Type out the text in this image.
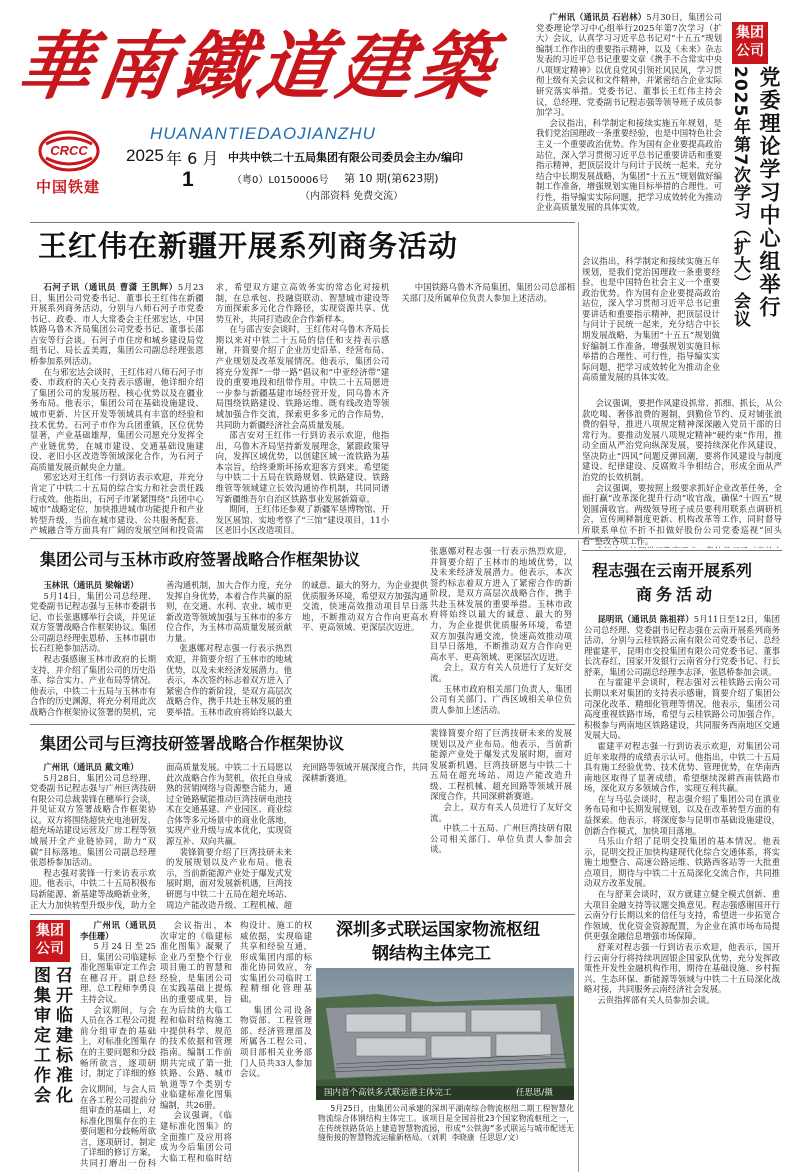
華南鐵道建築
HUANANTIEDAOJIANZHU
CRCC
中国铁建
2025 年 6 月
1
中共中铁二十五局集团有限公司委员会主办/编印
（粤0）L0150006号 第 10 期(第623期)
（内部资料 免费交流）

广州讯（通讯员 石岩林）5月30日，集团公司党委理论学习中心组举行2025年第7次学习（扩大）会议，认真学习习近平总书记对“十五五”规划编制工作作出的重要指示精神，以及《未来》杂志发表的习近平总书记重要文章《携手不合常实中央八项规定精神》以优良党风引领社风民风，学习贯彻上级有关会议和文件精神，并紧密结合企业实际研究落实举措。党委书记、董事长王红伟主持会议，总经理、党委副书记程志强等领导班子成员参加学习。

会议指出，科学制定和接续实施五年规划，是我们党治国理政一条重要经验，也是中国特色社会主义一个重要政治优势。作为国有企业要提高政治站位，深入学习贯彻习近平总书记重要讲话和重要指示精神，把顶层设计与问计于民统一起来，充分结合中长期发展战略，为集团“十五五”规划做好编制工作准备，增强规划实施目标举措的合理性、可行性，指导编实实际问题，把学习成效转化为推动企业高质量发展的具体实效。

集团公司
党委理论学习中心组举行
2025年第7次学习（扩大）会议

会议指出，科学制定和接续实施五年规划，是我们党治国理政一条重要经验，也是中国特色社会主义一个重要政治优势。作为国有企业要提高政治站位，深入学习贯彻习近平总书记重要讲话和重要指示精神，把顶层设计与问计于民统一起来，充分结合中长期发展战略，为集团“十五五”规划做好编制工作准备，增强规划实施目标举措的合理性、可行性，指导编实实际问题，把学习成效转化为推动企业高质量发展的具体实效。

会议强调，要把作风建设抓常、抓细、抓长，从公款吃喝、奢侈浪费的遏制，到勤俭节约、反对铺张浪费的倡导，推进八项规定精神深深融入党员干部的日常行为。要推动发展八项规定精神“硬约束”作用，推动全面从严治党向纵深发展，要持续深化作风建设，坚决防止“四风”问题反弹回潮，要将作风建设与制度建设、纪律建设、反腐败斗争相结合，形成全面从严治党的长效机制。

会议强调，要按照上级要求抓好企业改革任务，全面打赢“改革深化提升行动”收官战，确保“十四五”规划圆满收官。两级领导班子成员要利用联系点调研机会，宣传阐释制度更新、机构改革等工作，同时督导所联系单位不折不扣做好股份公司党委巡视“回头看”整改各项工作。

王红伟在新疆开展系列商务活动

石河子讯（通讯员 曹潇 王凯辉）5月23日，集团公司党委书记、董事长王红伟在新疆开展系列商务活动，分别与八师石河子市党委书记、政委、市人大常委会主任邪宏达，中国铁路乌鲁木齐局集团公司党委书记、董事长邵吉安等行会谈。石河子市住房和城乡建设局党组书记、局长孟美霞，集团公司副总经理张恩桥参加系列活动。

在与邪宏达会谈时，王红伟对八师石河子市委、市政府的关心支持表示感谢，他详细介绍了集团公司的发展历程、核心优势以及在疆业务布局。他表示，集团公司在基础设施建设、城市更新、片区开发等领域具有丰富的经验和技术优势。石河子市作为兵团重镇，区位优势显著，产业基础雄厚，集团公司愿充分发挥全产业链优势，在城市建设、交通基础设施建设、老旧小区改造等领域深化合作，为石河子高质量发展贡献央企力量。

邪宏达对王红伟一行到访表示欢迎，并充分肯定了中铁二十五局的综合实力和社会责任践行成效。他指出，石河子市紧紧围绕“兵团中心城市”战略定位，加快推进城市功能提升和产业转型升级，当前在城市建设、公共服务配套、产城融合等方面具有广阔的发展空间和投资需求，希望双方建立高效务实的常态化对接机制，在总承包、投融资联动、智慧城市建设等方面探索多元化合作路径，实现资源共享、优势互补，共同打造政企合作新样本。

在与邵吉安会谈时，王红伟对乌鲁木齐局长期以来对中铁二十五局的信任和支持表示感谢，并简要介绍了企业历史沿革、经营布局、产业规划及改革发展情况。他表示，集团公司将充分发挥“一带一路”倡议和“中亚经济带”建设的重要地段和纽带作用。中铁二十五局愿进一步参与新疆基建市场经营开发，同乌鲁木齐局围绕铁路建设、铁路运维、既有线改造等领域加强合作交流，探索更多多元的合作局势，共同助力新疆经济社会高质量发展。

邵吉安对王红伟一行到访表示欢迎，他指出，乌鲁木齐局坚持新发展理念，紧跟政策导向，发挥区域优势，以创建区域一流铁路为基本宗旨，给终秉斯坏扬欢迎客方到来。希望能与中铁二十五局在铁路规划、铁路建设、铁路维管等领域建立长效沟通协作机制，共同同谱写新疆维吾尔自治区铁路事业发展新篇章。

期间，王红伟还参观了新疆军垦博物馆、开发区展馆、实地考察了“三馆”建设项目，11小区老旧小区改造项目。

中国铁路乌鲁木齐局集团、集团公司总部相关部门及所属单位负责人参加上述活动。

集团公司与玉林市政府签署战略合作框架协议

玉林讯（通讯员 梁翰诺）

5月14日，集团公司总经理、党委副书记程志强与玉林市委副书记、市长张惠娜举行会谈，并见证双方签署战略合作框架协议。集团公司副总经理张恩桥、玉林市副市长石红艳参加活动。

程志强感谢玉林市政府的长期支持，并介绍了集团公司的历史沿革、综合实力、产业布局等情况。他表示，中铁二十五局与玉林市有合作的历史渊源，将充分利用此次战略合作框架协议签署的契机，完善沟通机制，加大合作力度，充分发挥自身优势，本着合作共赢的原则，在交通、水利、农业、城市更新改造等领域加强与玉林市的多方位合作，为玉林市高质量发展贡献力量。

张惠娜对程志强一行表示热烈欢迎，并简要介绍了玉林市的地域优势，以及未来经济发展潜力。他表示，本次签约标志着双方进入了紧密合作的新阶段，是双方高层次战略合作，携手共赴玉林发展的重要举措。玉林市政府将始终以最大的诚意、最大的努力，为企业提供优质服务环境，希望双方加强沟通交流，快速高效推动项目早日落地，不断推动双方合作向更高水平、更高领域、更深层次迈进。

张惠娜对程志强一行表示热烈欢迎，并简要介绍了玉林市的地域优势，以及未来经济发展潜力。他表示，本次签约标志着双方进入了紧密合作的新阶段，是双方高层次战略合作，携手共赴玉林发展的重要举措。玉林市政府将始终以最大的诚意、最大的努力，为企业提供优质服务环境，希望双方加强沟通交流，快速高效推动项目早日落地，不断推动双方合作向更高水平、更高领域、更深层次迈进。

会上，双方有关人员进行了友好交流。

玉林市政府相关部门负责人，集团公司有关部门、广西区域相关单位负责人参加上述活动。

集团公司与巨湾技研签署战略合作框架协议

广州讯（通讯员 戴文唯）

5月28日，集团公司总经理、党委副书记程志强与广州巨湾技研有限公司总裁裴锋在穗举行会谈，并见证双方签署战略合作框架协议。双方将围绕超快充电池研发、超充场站建设运营及厂房工程等领域展开全产业链协同，助力“双碳”目标落地。集团公司副总经理张恩桥参加活动。

程志强对裴锋一行来访表示欢迎。他表示，中铁二十五局积极布局新能源、新基建等战略新业务，正大力加快转型升级步伐，助力全面高质量发展。中铁二十五局愿以此次战略合作为契机，依托自身成熟的营销网络与资源整合能力，通过全链路赋能推动巨湾技研电池技术在交通基建、产业园区、商业综合体等多元场景中的商业化落地，实现产业升级与成本优化，实现资源互补、双向共赢。

裴锋简要介绍了巨湾技研未来的发展规划以及产业布局。他表示，当前新能源产业处于爆发式发展时期，面对发展新机遇，巨湾技研愿与中铁二十五局在超充场站、周边产能改造升级、工程机械、超充回路等领域开展深度合作，共同深耕新赛道。

裴锋简要介绍了巨湾技研未来的发展规划以及产业布局。他表示，当前新能源产业处于爆发式发展时期，面对发展新机遇，巨湾技研愿与中铁二十五局在超充场站、周边产能改造升级、工程机械、超充回路等领域开展深度合作，共同深耕新赛道。

会上，双方有关人员进行了友好交流。

中铁二十五局、广州巨湾技研有限公司相关部门、单位负责人参加会谈。

集团公司
召开临建标准化
图集审定工作会

广州讯（通讯员 李佳珊）

5月24日至25日，集团公司临建标准化图集审定工作会在穗召开。副总经理、总工程师李勇良主持会议。

会议期间，与会人员在各工程公司提前分组审查的基础上，对标准化图集存在的主要问题和分歧畅所欲言，逐项研讨，制定了详细的修

会议期间，与会人员在各工程公司提前分组审查的基础上，对标准化图集存在的主要问题和分歧畅所欲言，逐项研讨，制定了详细的修订方案，共同打磨出一份科

会议指出，本次审定的《临建标准化图集》凝聚了企业乃至整个行业项目施工的智慧和经验，是集团公司在实践基础上提炼出的重要成果，旨在为后续的大临工程和临时结构施工中提供科学、规范的技术依据和管理指南。编制工作前期共完成了第一批铁路、公路、城市轨道等7个类别专业临建标准化图集编制，共26册。

会议强调，《临建标准化图集》的全面推广及应用将成为今后集团公司大临工程和临时结构设计、施工的权威依据，实现临建共享和经验互通，形成集团内部的标准化协同效应，夯实集团公司临时工程精细化管理基础。

集团公司设备物资部、工程管理部、经济管理部及所属各工程公司、项目部相关业务部门人员共33人参加会议。

深圳多式联运国家物流枢纽
钢结构主体完工
国内首个高铁多式联运港主体完工	任思思/摄

5月25日，由集团公司承建的深圳平湖南综合物流枢纽二期工程智慧化物流综合体钢结构主体完工。该项目是全国首批23个国家物流枢纽之一，在传统铁路货站上建造智慧物流园，形成“公铁海”多式联运与城市配送无缝衔接的智慧物流运输新格局。（刘莉 李晓康 任思思/文）

程志强在云南开展系列
商务活动

昆明讯（通讯员 陈祖祥）5月11日至12日，集团公司总经理、党委副书记程志强在云南开展系列商务活动，分别与云桂铁路云南有限公司党委书记、总经理霍建平，昆明市交投集团有限公司党委书记、董事长沈春红，国家开发银行云南省分行党委书记、行长舒莱，集团公司副总经理李志泽，张恩桥参加会谈。

在与霍建平会谈时，程志强对云桂铁路云南公司长期以来对集团的支持表示感谢，简要介绍了集团公司深化改革、精细化管理等情况。他表示，集团公司高度重视铁路市场，希望与云桂铁路公司加强合作，积极参与两南地区铁路建设，共同服务西南地区交通发展大局。

霍建平对程志强一行到访表示欢迎，对集团公司近年来取得的成绩表示认可。他指出，中铁二十五局具有施工经验优势、技术优势、管理优势，在华南西南地区取得了显著成绩，希望继续深耕西南铁路市场，深化双方多领域合作，实现互利共赢。

在与马弘会谈时，程志强介绍了集团公司在滇业务布局和中长期发展规划，以及在改革转型方面的有益探索。他表示，将深度参与昆明市基础设施建设，创新合作模式，加快项目落地。

马乐山介绍了昆明交投集团的基本情况。他表示，昆明交投正加快构建现代化综合交通体系，将实施土地整合、高速公路运维、铁路西客站等一大批重点项目，期待与中铁二十五局深化交流合作，共同推动双方改革发展。

在与舒莱会谈时，双方就建立健全模式创新、重大项目金融支持等议题交换意见。程志强感谢国开行云南分行长期以来的信任与支持，希望进一步拓宽合作领域，优化资金资源配置，为企业在滇市场布局提供更强金融信息增强市场保障。

舒莱对程志强一行到访表示欢迎，他表示，国开行云南分行将持续巩固银企国家队优势，充分发挥政策性开发性金融机构作用，期待在基础设施、乡村振兴、生态环保、新能源等领域与中铁二十五局深化战略对接，共同服务云南经济社会发展。

云贵指挥部有关人员参加会谈。
